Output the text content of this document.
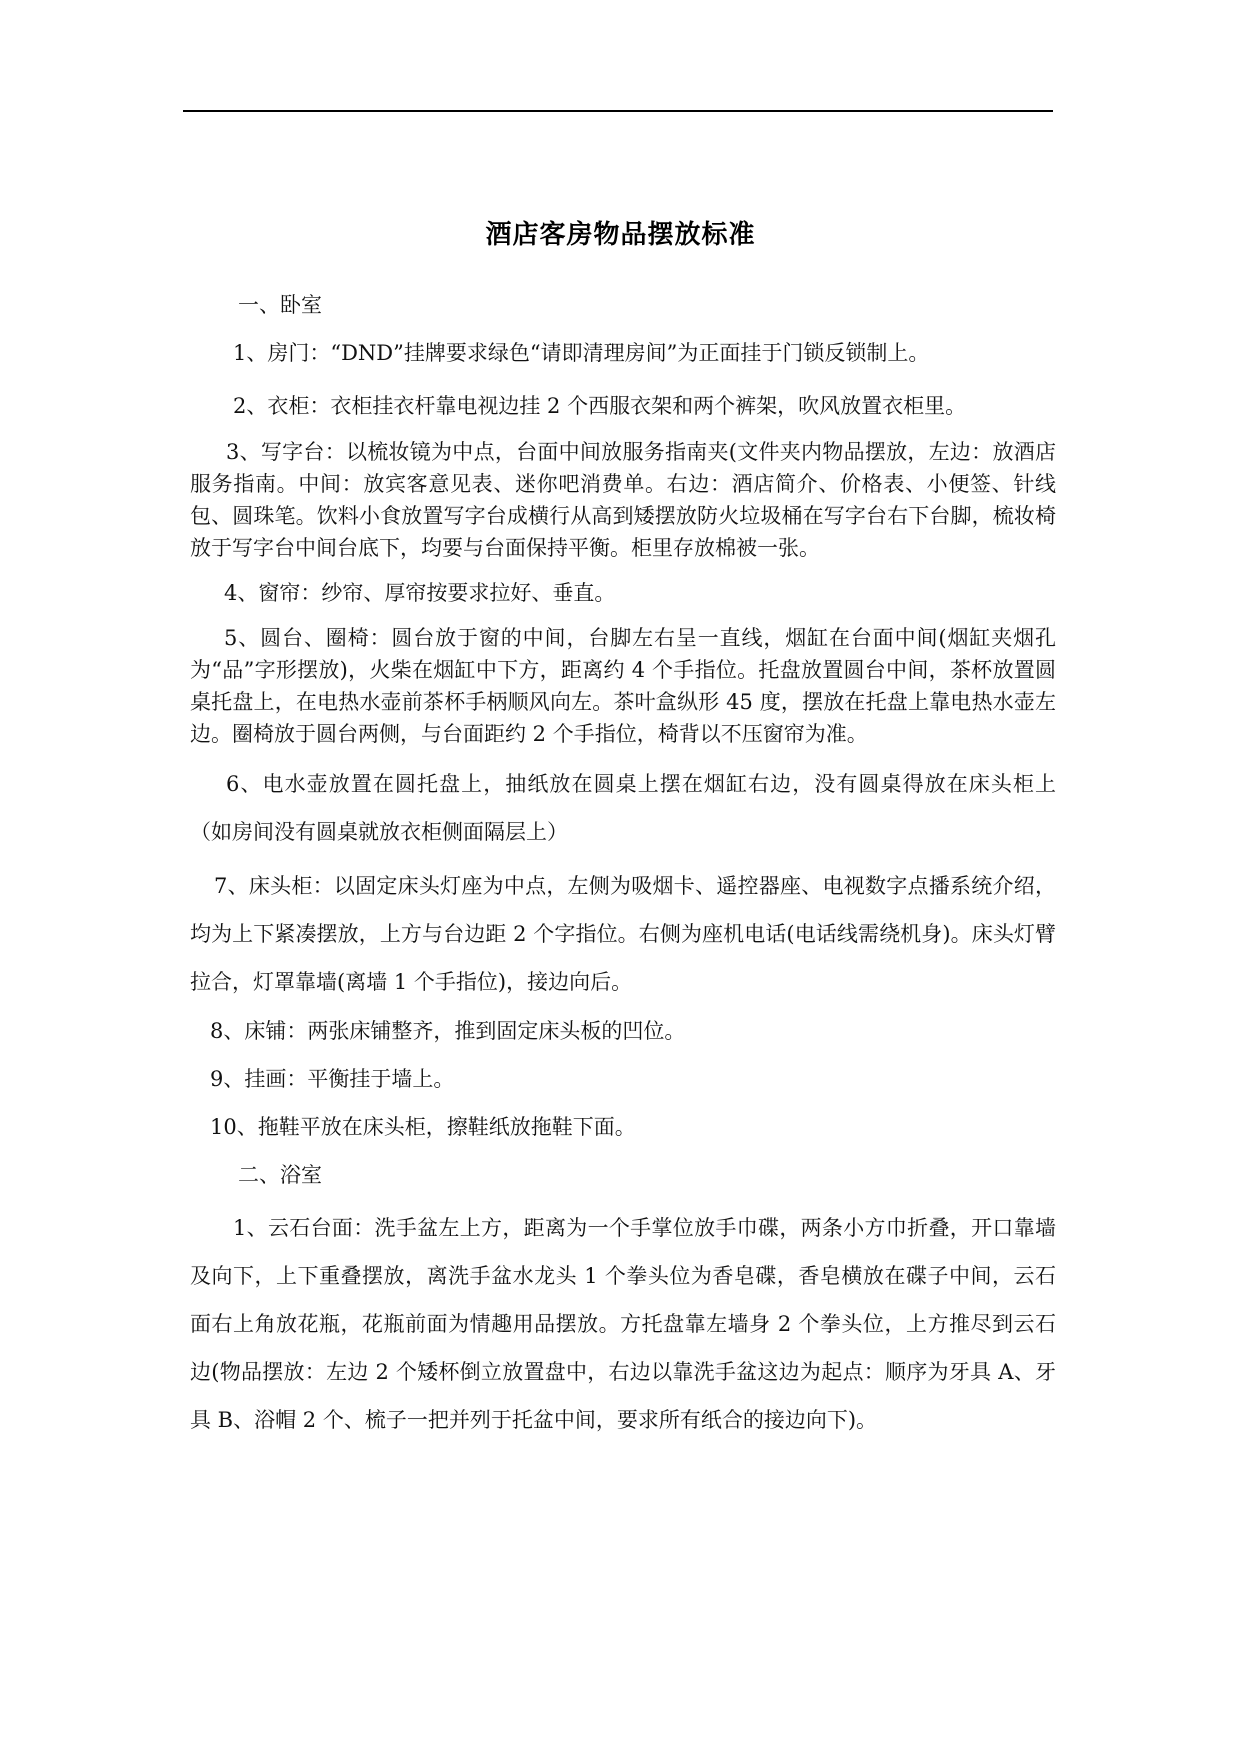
酒店客房物品摆放标准

一、卧室

1、房门：“DND”挂牌要求绿色“请即清理房间”为正面挂于门锁反锁制上。

2、衣柜：衣柜挂衣杆靠电视边挂 2 个西服衣架和两个裤架，吹风放置衣柜里。

3、写字台：以梳妆镜为中点，台面中间放服务指南夹(文件夹内物品摆放，左边：放酒店服务指南。中间：放宾客意见表、迷你吧消费单。右边：酒店简介、价格表、小便签、针线包、圆珠笔。饮料小食放置写字台成横行从高到矮摆放防火垃圾桶在写字台右下台脚，梳妆椅放于写字台中间台底下，均要与台面保持平衡。柜里存放棉被一张。

4、窗帘：纱帘、厚帘按要求拉好、垂直。

5、圆台、圈椅：圆台放于窗的中间，台脚左右呈一直线，烟缸在台面中间(烟缸夹烟孔为“品”字形摆放)，火柴在烟缸中下方，距离约 4 个手指位。托盘放置圆台中间，茶杯放置圆桌托盘上，在电热水壶前茶杯手柄顺风向左。茶叶盒纵形 45 度，摆放在托盘上靠电热水壶左边。圈椅放于圆台两侧，与台面距约 2 个手指位，椅背以不压窗帘为准。

6、电水壶放置在圆托盘上，抽纸放在圆桌上摆在烟缸右边，没有圆桌得放在床头柜上（如房间没有圆桌就放衣柜侧面隔层上）

7、床头柜：以固定床头灯座为中点，左侧为吸烟卡、遥控器座、电视数字点播系统介绍，均为上下紧凑摆放，上方与台边距 2 个字指位。右侧为座机电话(电话线需绕机身)。床头灯臂拉合，灯罩靠墙(离墙 1 个手指位)，接边向后。

8、床铺：两张床铺整齐，推到固定床头板的凹位。

9、挂画：平衡挂于墙上。

10、拖鞋平放在床头柜，擦鞋纸放拖鞋下面。

二、浴室

1、云石台面：洗手盆左上方，距离为一个手掌位放手巾碟，两条小方巾折叠，开口靠墙及向下，上下重叠摆放，离洗手盆水龙头 1 个拳头位为香皂碟，香皂横放在碟子中间，云石面右上角放花瓶，花瓶前面为情趣用品摆放。方托盘靠左墙身 2 个拳头位，上方推尽到云石边(物品摆放：左边 2 个矮杯倒立放置盘中，右边以靠洗手盆这边为起点：顺序为牙具 A、牙具 B、浴帽 2 个、梳子一把并列于托盆中间，要求所有纸合的接边向下)。
